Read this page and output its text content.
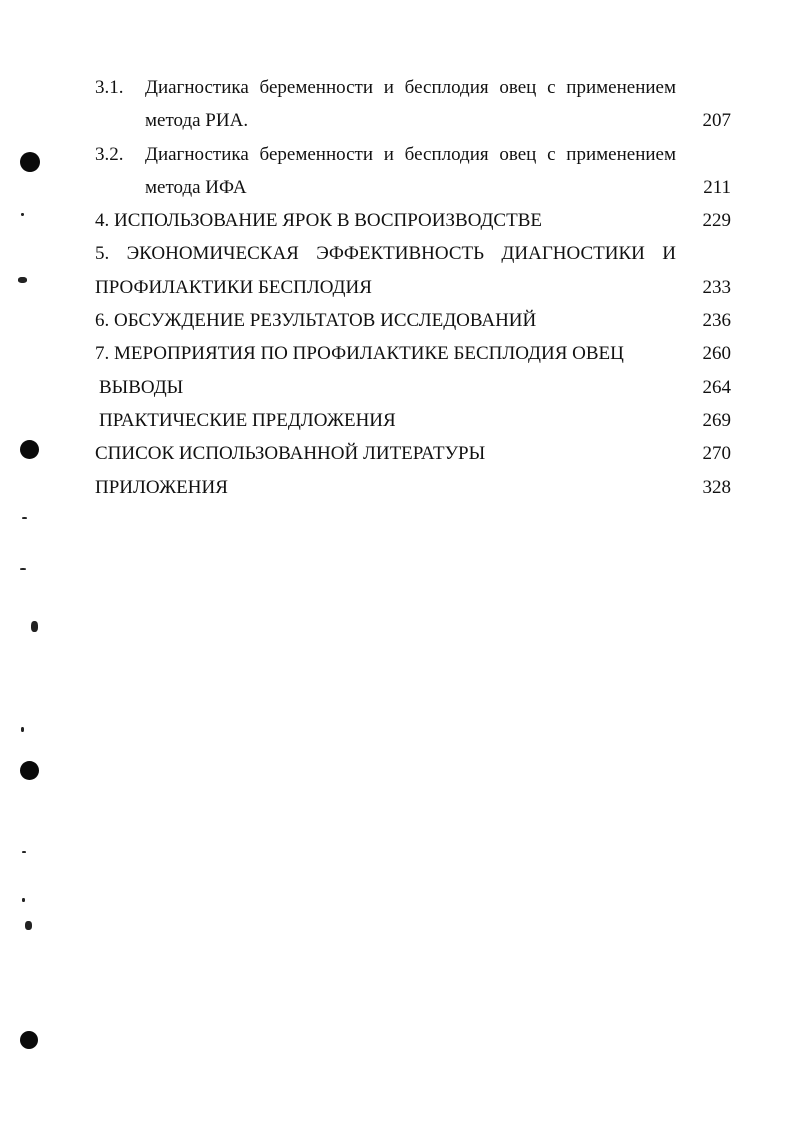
3.1. Диагностика беременности и бесплодия овец с применением
метода РИА.	207
3.2. Диагностика беременности и бесплодия овец с применением
метода ИФА	211
4. ИСПОЛЬЗОВАНИЕ ЯРОК В ВОСПРОИЗВОДСТВЕ	229
5. ЭКОНОМИЧЕСКАЯ ЭФФЕКТИВНОСТЬ ДИАГНОСТИКИ И
ПРОФИЛАКТИКИ БЕСПЛОДИЯ	233
6. ОБСУЖДЕНИЕ РЕЗУЛЬТАТОВ ИССЛЕДОВАНИЙ	236
7. МЕРОПРИЯТИЯ ПО ПРОФИЛАКТИКЕ БЕСПЛОДИЯ ОВЕЦ	260
ВЫВОДЫ	264
ПРАКТИЧЕСКИЕ ПРЕДЛОЖЕНИЯ	269
СПИСОК ИСПОЛЬЗОВАННОЙ ЛИТЕРАТУРЫ	270
ПРИЛОЖЕНИЯ	328
